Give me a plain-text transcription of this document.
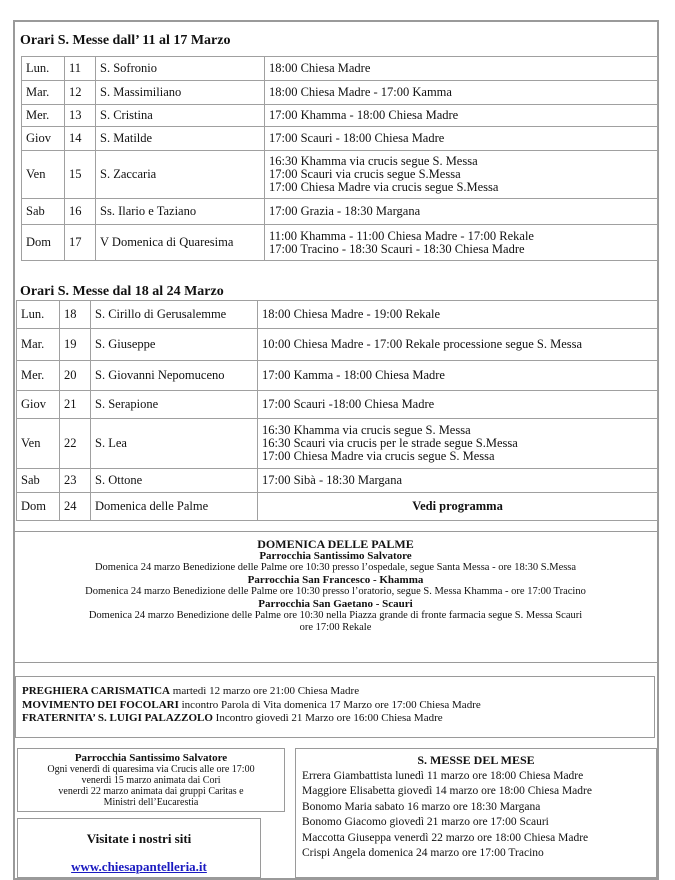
Orari S. Messe dall’ 11 al 17 Marzo
Lun.	11	S. Sofronio	18:00 Chiesa Madre

Mar.	12	S. Massimiliano	18:00 Chiesa Madre - 17:00 Kamma

Mer.	13	S. Cristina	17:00 Khamma - 18:00 Chiesa Madre

Giov	14	S. Matilde	17:00 Scauri - 18:00 Chiesa Madre

Ven	15	S. Zaccaria	16:30 Khamma via crucis segue S. Messa
17:00 Scauri via crucis segue S.Messa
17:00 Chiesa Madre via crucis segue S.Messa

Sab	16	Ss. Ilario e Taziano	17:00 Grazia - 18:30 Margana

Dom	17	V Domenica di Quaresima	11:00 Khamma - 11:00 Chiesa Madre - 17:00 Rekale
17:00 Tracino - 18:30 Scauri - 18:30 Chiesa Madre
Orari S. Messe dal 18 al 24 Marzo
Lun.	18	S. Cirillo di Gerusalemme	18:00 Chiesa Madre - 19:00 Rekale

Mar.	19	S. Giuseppe	10:00 Chiesa Madre - 17:00 Rekale processione segue S. Messa

Mer.	20	S. Giovanni Nepomuceno	17:00 Kamma - 18:00 Chiesa Madre

Giov	21	S. Serapione	17:00 Scauri -18:00 Chiesa Madre

Ven	22	S. Lea	16:30 Khamma via crucis segue S. Messa
16:30 Scauri via crucis per le strade segue S.Messa
17:00 Chiesa Madre via crucis segue S. Messa

Sab	23	S. Ottone	17:00 Sibà - 18:30 Margana

Dom	24	Domenica delle Palme	Vedi programma
DOMENICA DELLE PALME
Parrocchia Santissimo Salvatore
Domenica 24 marzo Benedizione delle Palme ore 10:30 presso l’ospedale, segue Santa Messa - ore 18:30 S.Messa
Parrocchia San Francesco - Khamma
Domenica 24 marzo Benedizione delle Palme ore 10:30 presso l’oratorio, segue S. Messa Khamma - ore 17:00 Tracino
Parrocchia San Gaetano - Scauri
Domenica 24 marzo Benedizione delle Palme ore 10:30 nella Piazza grande di fronte farmacia segue S. Messa Scauri
ore 17:00 Rekale
PREGHIERA CARISMATICA martedì 12 marzo ore 21:00 Chiesa Madre
MOVIMENTO DEI FOCOLARI incontro Parola di Vita domenica 17 Marzo ore 17:00 Chiesa Madre
FRATERNITA’ S. LUIGI PALAZZOLO Incontro giovedì 21 Marzo ore 16:00 Chiesa Madre
Parrocchia Santissimo Salvatore
Ogni venerdì di quaresima via Crucis alle ore 17:00
venerdì 15 marzo animata dai Cori
venerdì 22 marzo animata dai gruppi Caritas e
Ministri dell’Eucarestia
Visitate i nostri siti
www.chiesapantelleria.it
S. MESSE DEL MESE
Errera Giambattista lunedì 11 marzo ore 18:00 Chiesa Madre
Maggiore Elisabetta giovedì 14 marzo ore 18:00 Chiesa Madre
Bonomo Maria sabato 16 marzo ore 18:30 Margana
Bonomo Giacomo giovedì 21 marzo ore 17:00 Scauri
Maccotta Giuseppa venerdì 22 marzo ore 18:00 Chiesa Madre
Crispi Angela domenica 24 marzo ore 17:00 Tracino
